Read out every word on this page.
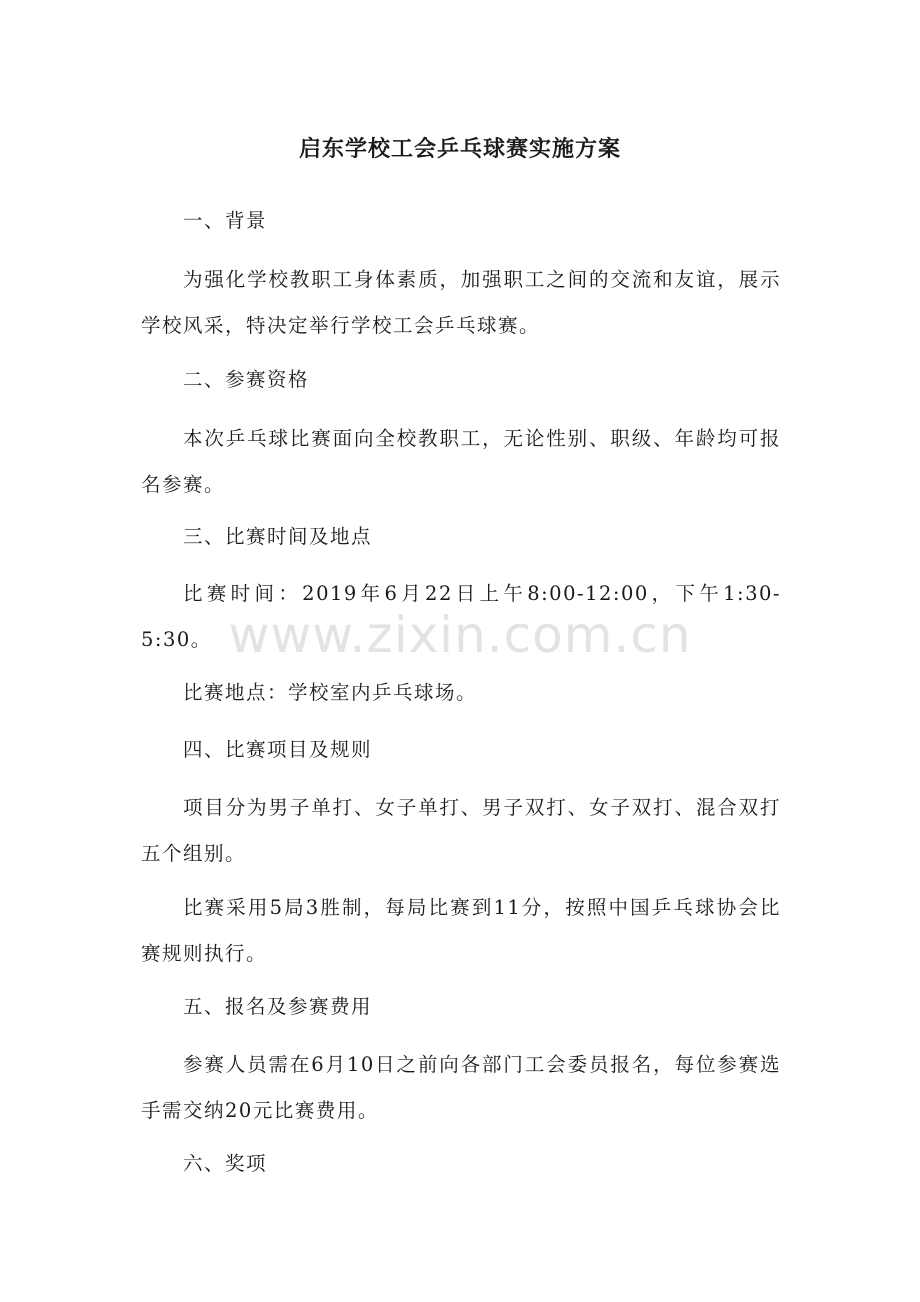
启东学校工会乒乓球赛实施方案

一、背景

为强化学校教职工身体素质，加强职工之间的交流和友谊，展示学校风采，特决定举行学校工会乒乓球赛。

二、参赛资格

本次乒乓球比赛面向全校教职工，无论性别、职级、年龄均可报名参赛。

三、比赛时间及地点

比赛时间：2019年6月22日上午8:00-12:00，下午1:30-5:30。

比赛地点：学校室内乒乓球场。

四、比赛项目及规则

项目分为男子单打、女子单打、男子双打、女子双打、混合双打五个组别。

比赛采用5局3胜制，每局比赛到11分，按照中国乒乓球协会比赛规则执行。

五、报名及参赛费用

参赛人员需在6月10日之前向各部门工会委员报名，每位参赛选手需交纳20元比赛费用。

六、奖项

www.zixin.com.cn
